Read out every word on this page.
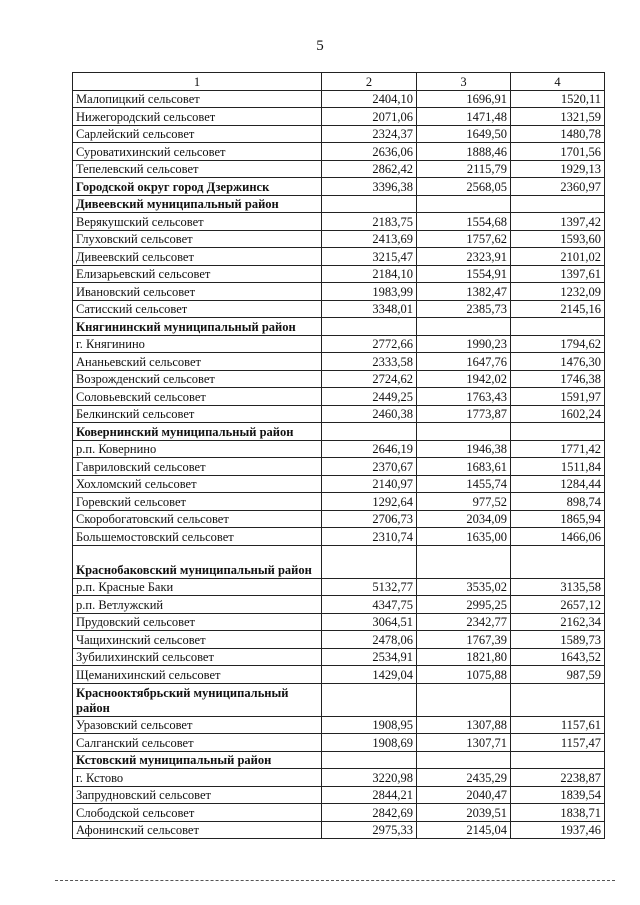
5
1	2	3	4
Малопицкий сельсовет	2404,10	1696,91	1520,11
Нижегородский сельсовет	2071,06	1471,48	1321,59
Сарлейский сельсовет	2324,37	1649,50	1480,78
Суроватихинский сельсовет	2636,06	1888,46	1701,56
Тепелевский сельсовет	2862,42	2115,79	1929,13
Городской округ город Дзержинск	3396,38	2568,05	2360,97
Дивеевский муниципальный район			
Верякушский сельсовет	2183,75	1554,68	1397,42
Глуховский сельсовет	2413,69	1757,62	1593,60
Дивеевский сельсовет	3215,47	2323,91	2101,02
Елизарьевский сельсовет	2184,10	1554,91	1397,61
Ивановский сельсовет	1983,99	1382,47	1232,09
Сатисский сельсовет	3348,01	2385,73	2145,16
Княгининский муниципальный район			
г. Княгинино	2772,66	1990,23	1794,62
Ананьевский сельсовет	2333,58	1647,76	1476,30
Возрожденский сельсовет	2724,62	1942,02	1746,38
Соловьевский сельсовет	2449,25	1763,43	1591,97
Белкинский сельсовет	2460,38	1773,87	1602,24
Ковернинский муниципальный район			
р.п. Ковернино	2646,19	1946,38	1771,42
Гавриловский сельсовет	2370,67	1683,61	1511,84
Хохломский сельсовет	2140,97	1455,74	1284,44
Горевский сельсовет	1292,64	977,52	898,74
Скоробогатовский сельсовет	2706,73	2034,09	1865,94
Большемостовский сельсовет	2310,74	1635,00	1466,06
Краснобаковский муниципальный район			
р.п. Красные Баки	5132,77	3535,02	3135,58
р.п. Ветлужский	4347,75	2995,25	2657,12
Прудовский сельсовет	3064,51	2342,77	2162,34
Чащихинский сельсовет	2478,06	1767,39	1589,73
Зубилихинский сельсовет	2534,91	1821,80	1643,52
Щеманихинский сельсовет	1429,04	1075,88	987,59
Краснооктябрьский муниципальный район			
Уразовский сельсовет	1908,95	1307,88	1157,61
Салганский сельсовет	1908,69	1307,71	1157,47
Кстовский муниципальный район			
г. Кстово	3220,98	2435,29	2238,87
Запрудновский сельсовет	2844,21	2040,47	1839,54
Слободской сельсовет	2842,69	2039,51	1838,71
Афонинский сельсовет	2975,33	2145,04	1937,46
